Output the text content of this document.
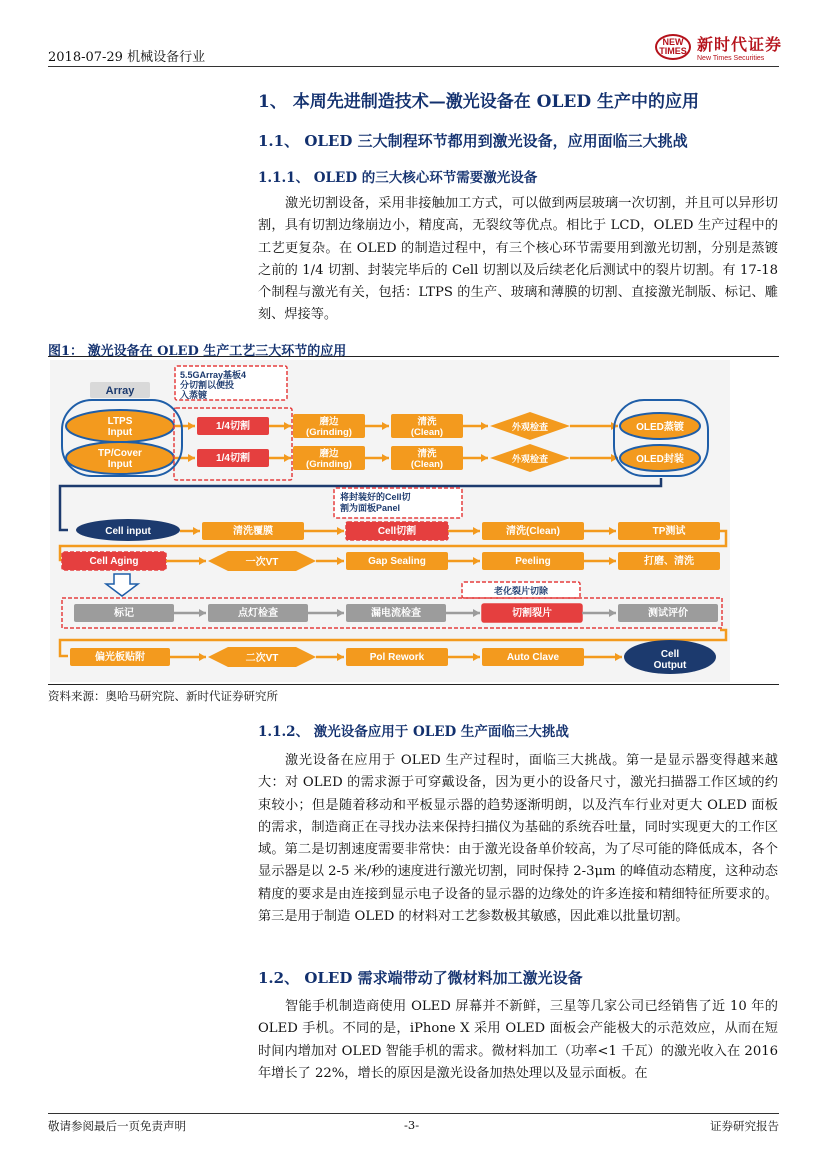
2018-07-29 机械设备行业
NEW TIMES 新时代证券
New Times Securities
1、 本周先进制造技术—激光设备在 OLED 生产中的应用
1.1、 OLED 三大制程环节都用到激光设备，应用面临三大挑战
1.1.1、 OLED 的三大核心环节需要激光设备
激光切割设备，采用非接触加工方式，可以做到两层玻璃一次切割，并且可以异形切割，具有切割边缘崩边小，精度高，无裂纹等优点。相比于 LCD，OLED 生产过程中的工艺更复杂。在 OLED 的制造过程中，有三个核心环节需要用到激光切割，分别是蒸镀之前的 1/4 切割、封装完毕后的 Cell 切割以及后续老化后测试中的裂片切割。有 17-18 个制程与激光有关，包括：LTPS 的生产、玻璃和薄膜的切割、直接激光制版、标记、雕刻、焊接等。
图1： 激光设备在 OLED 生产工艺三大环节的应用
Array
5.5GArray基板4 分切割以便投入蒸镀
LTPS Input
1/4切割	磨边(Grinding)
清洗(Clean)
外观检查	OLED蒸镀
TP/Cover Input
1/4切割	磨边(Grinding)
清洗(Clean)
外观检查	OLED封装
将封装好的Cell切割为面板Panel
Cell input	清洗覆膜	Cell切割	清洗(Clean)	TP测试
Cell Aging	一次VT	Gap Sealing	Peeling	打磨、清洗
老化裂片切除
标记	点灯检查	漏电流检查	切割裂片	测试评价
偏光板贴附	二次VT	Pol Rework	Auto Clave	Cell Output
资料来源：奥哈马研究院、新时代证券研究所
1.1.2、 激光设备应用于 OLED 生产面临三大挑战
激光设备在应用于 OLED 生产过程时，面临三大挑战。第一是显示器变得越来越大：对 OLED 的需求源于可穿戴设备，因为更小的设备尺寸，激光扫描器工作区域的约束较小；但是随着移动和平板显示器的趋势逐渐明朗，以及汽车行业对更大 OLED 面板的需求，制造商正在寻找办法来保持扫描仪为基础的系统吞吐量，同时实现更大的工作区域。第二是切割速度需要非常快：由于激光设备单价较高，为了尽可能的降低成本，各个显示器是以 2-5 米/秒的速度进行激光切割，同时保持 2-3μm 的峰值动态精度，这种动态精度的要求是由连接到显示电子设备的显示器的边缘处的许多连接和精细特征所要求的。第三是用于制造 OLED 的材料对工艺参数极其敏感，因此难以批量切割。
1.2、 OLED 需求端带动了微材料加工激光设备
智能手机制造商使用 OLED 屏幕并不新鲜，三星等几家公司已经销售了近 10 年的 OLED 手机。不同的是，iPhone X 采用 OLED 面板会产能极大的示范效应，从而在短时间内增加对 OLED 智能手机的需求。微材料加工（功率<1 千瓦）的激光收入在 2016 年增长了 22%，增长的原因是激光设备加热处理以及显示面板。在
敬请参阅最后一页免责声明	-3-	证券研究报告
